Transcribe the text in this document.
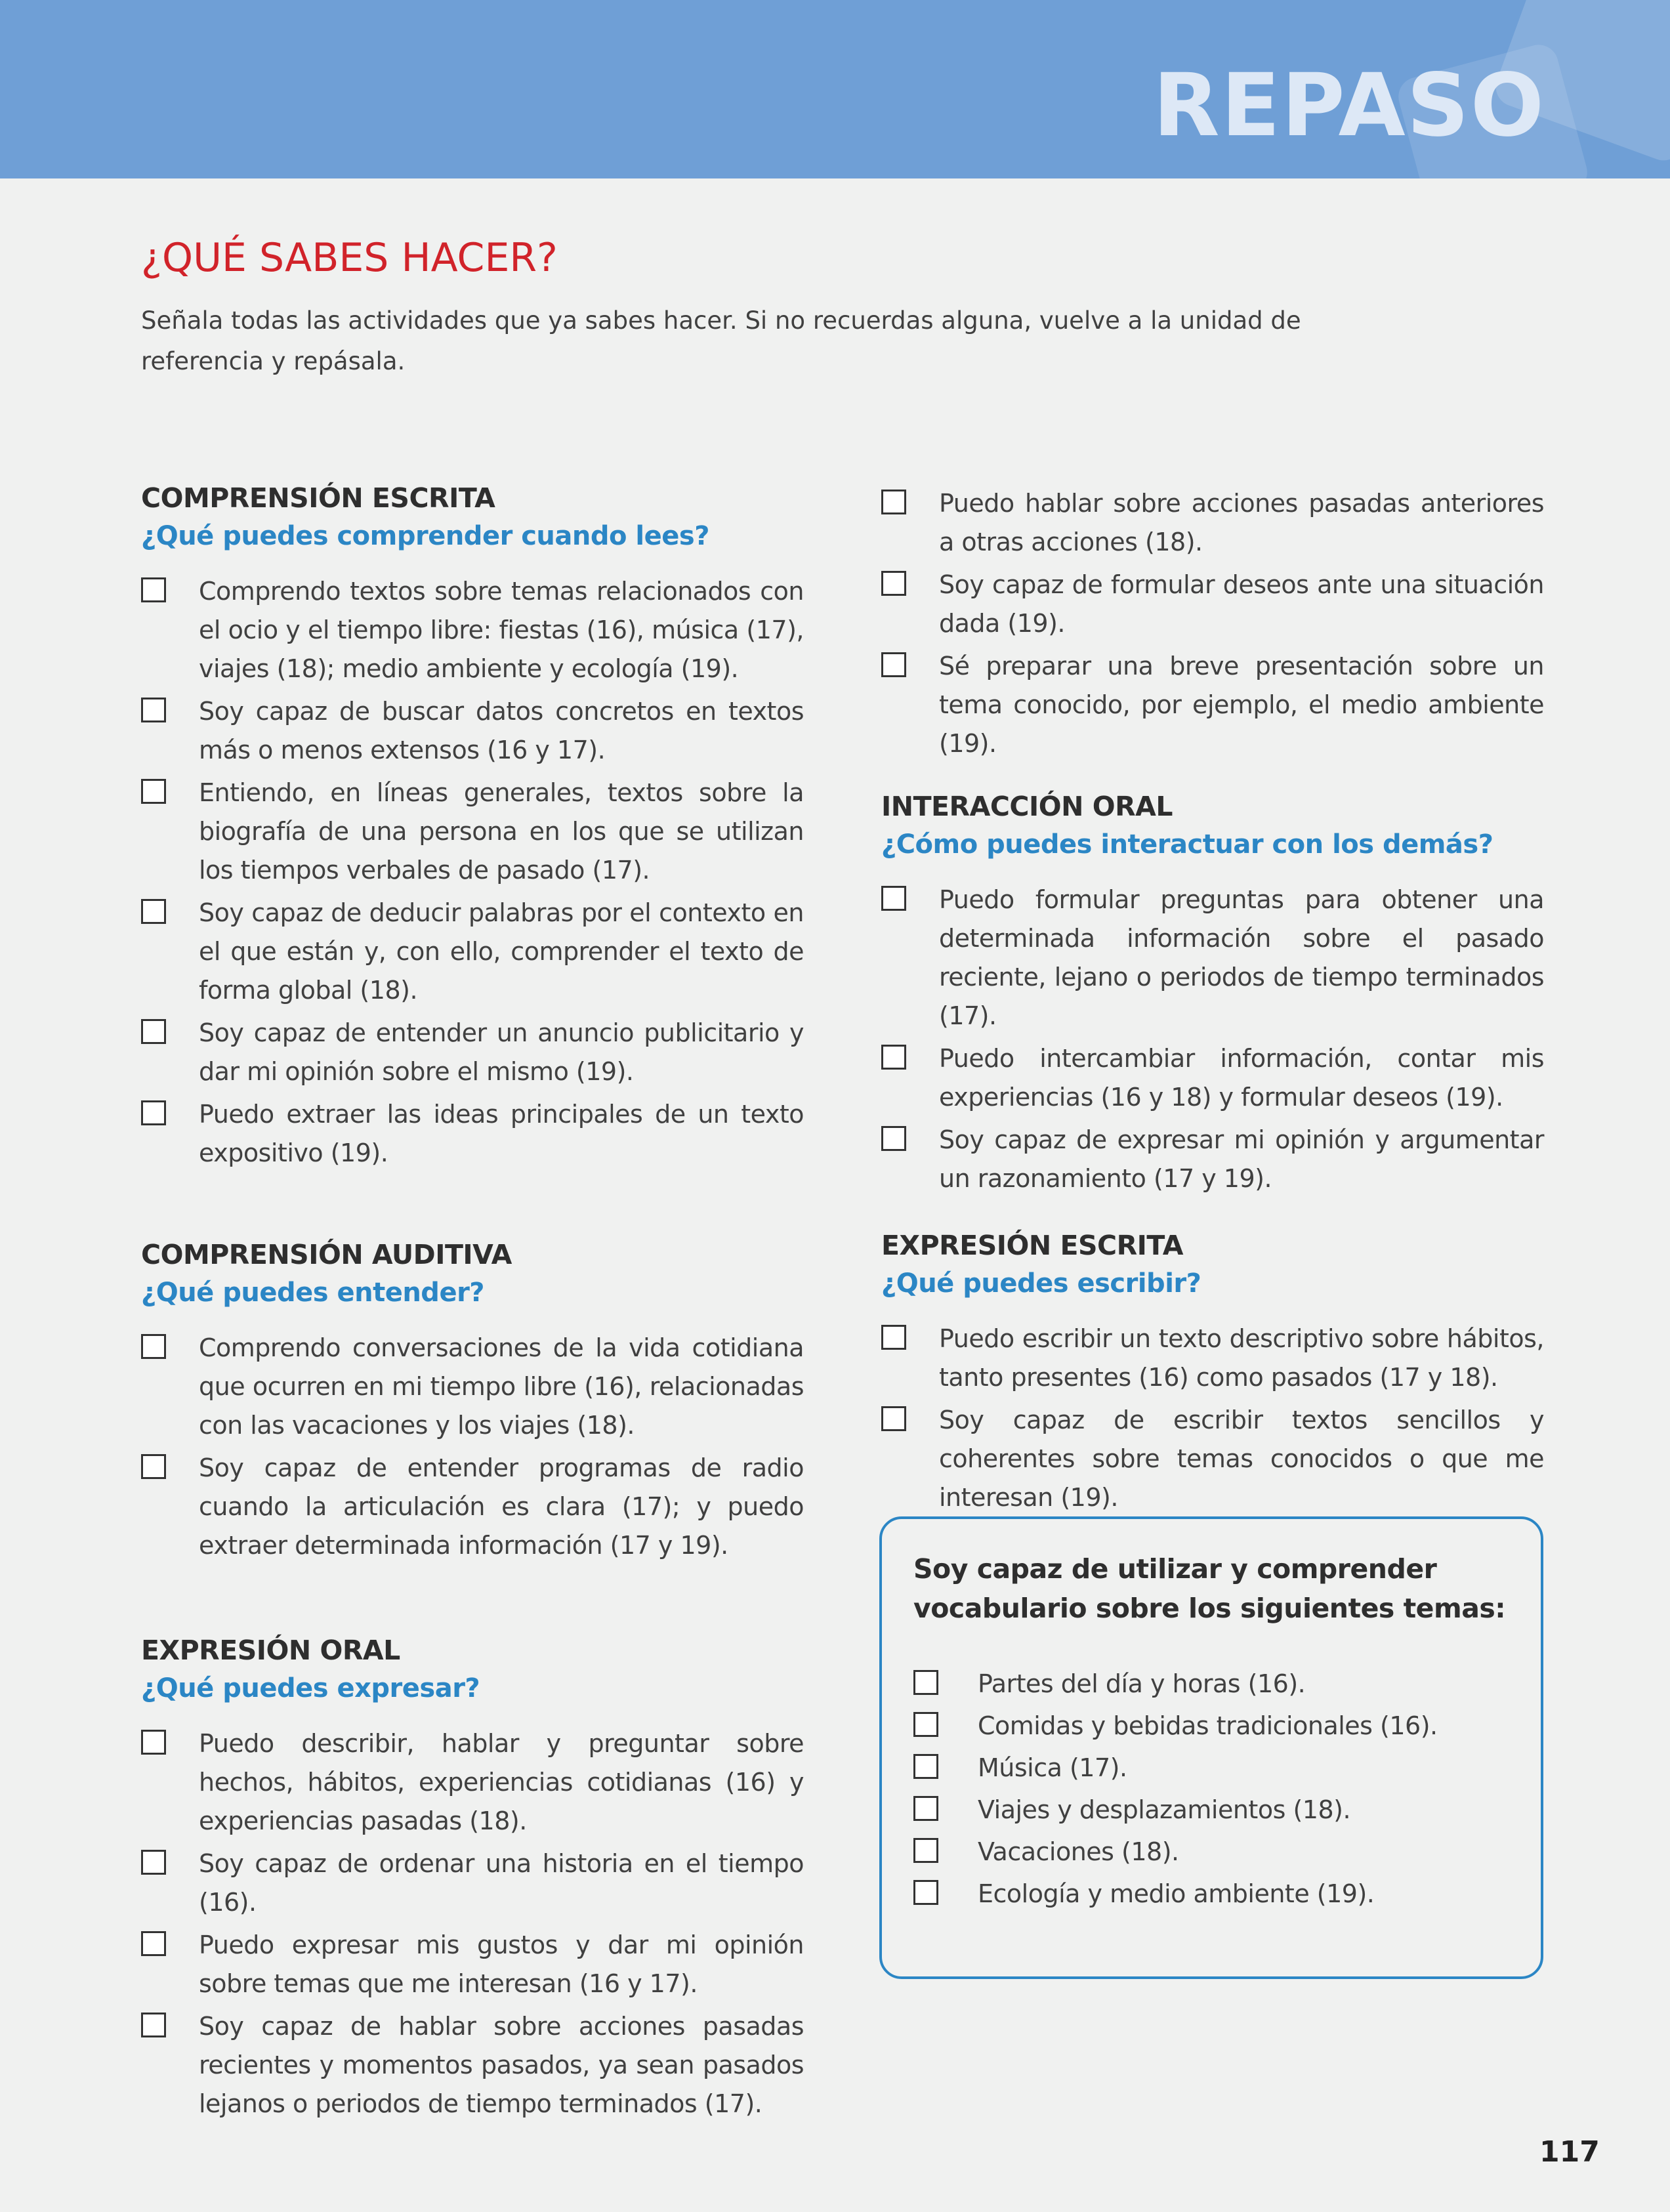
REPASO
¿QUÉ SABES HACER?
Señala todas las actividades que ya sabes hacer. Si no recuerdas alguna, vuelve a la unidad de referencia y repásala.
COMPRENSIÓN ESCRITA
¿Qué puedes comprender cuando lees?
Comprendo textos sobre temas relacionados con el ocio y el tiempo libre: fiestas (16), música (17), viajes (18); medio ambiente y ecología (19).
Soy capaz de buscar datos concretos en textos más o menos extensos (16 y 17).
Entiendo, en líneas generales, textos sobre la biografía de una persona en los que se utilizan los tiempos verbales de pasado (17).
Soy capaz de deducir palabras por el contexto en el que están y, con ello, comprender el texto de forma global (18).
Soy capaz de entender un anuncio publicitario y dar mi opinión sobre el mismo (19).
Puedo extraer las ideas principales de un texto expositivo (19).
COMPRENSIÓN AUDITIVA
¿Qué puedes entender?
Comprendo conversaciones de la vida cotidiana que ocurren en mi tiempo libre (16), relacionadas con las vacaciones y los viajes (18).
Soy capaz de entender programas de radio cuando la articulación es clara (17); y puedo extraer determinada información (17 y 19).
EXPRESIÓN ORAL
¿Qué puedes expresar?
Puedo describir, hablar y preguntar sobre hechos, hábitos, experiencias cotidianas (16) y experiencias pasadas (18).
Soy capaz de ordenar una historia en el tiempo (16).
Puedo expresar mis gustos y dar mi opinión sobre temas que me interesan (16 y 17).
Soy capaz de hablar sobre acciones pasadas recientes y momentos pasados, ya sean pasados lejanos o periodos de tiempo terminados (17).
Puedo hablar sobre acciones pasadas anteriores a otras acciones (18).
Soy capaz de formular deseos ante una situación dada (19).
Sé preparar una breve presentación sobre un tema conocido, por ejemplo, el medio ambiente (19).
INTERACCIÓN ORAL
¿Cómo puedes interactuar con los demás?
Puedo formular preguntas para obtener una determinada información sobre el pasado reciente, lejano o periodos de tiempo terminados (17).
Puedo intercambiar información, contar mis experiencias (16 y 18) y formular deseos (19).
Soy capaz de expresar mi opinión y argumentar un razonamiento (17 y 19).
EXPRESIÓN ESCRITA
¿Qué puedes escribir?
Puedo escribir un texto descriptivo sobre hábitos, tanto presentes (16) como pasados (17 y 18).
Soy capaz de escribir textos sencillos y coherentes sobre temas conocidos o que me interesan (19).
Soy capaz de utilizar y comprender vocabulario sobre los siguientes temas:
Partes del día y horas (16).
Comidas y bebidas tradicionales (16).
Música (17).
Viajes y desplazamientos (18).
Vacaciones (18).
Ecología y medio ambiente (19).
117
